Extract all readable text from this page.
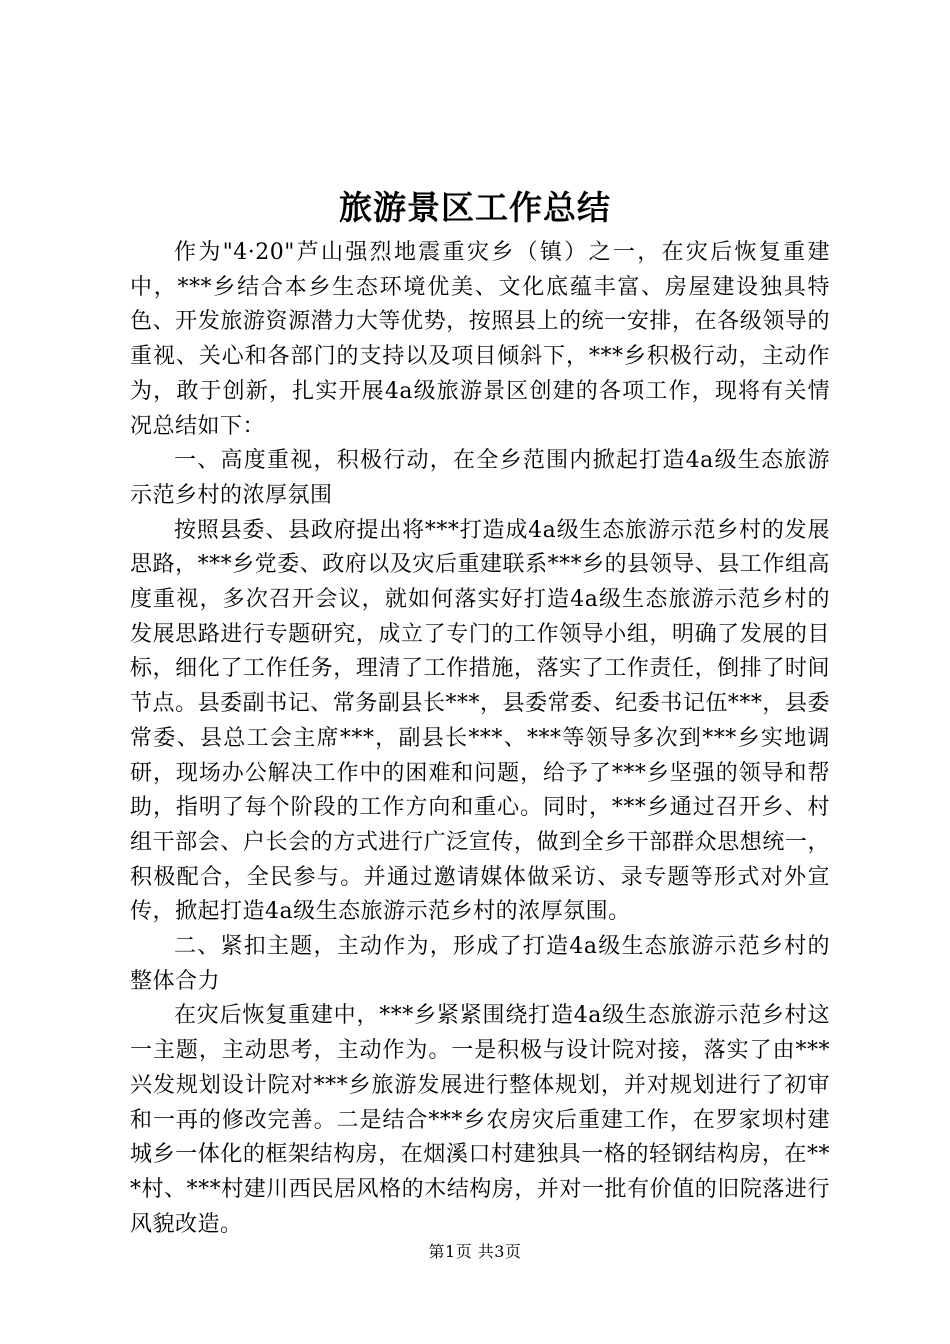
旅游景区工作总结

作为"4·20"芦山强烈地震重灾乡（镇）之一，在灾后恢复重建中，***乡结合本乡生态环境优美、文化底蕴丰富、房屋建设独具特色、开发旅游资源潜力大等优势，按照县上的统一安排，在各级领导的重视、关心和各部门的支持以及项目倾斜下，***乡积极行动，主动作为，敢于创新，扎实开展4a级旅游景区创建的各项工作，现将有关情况总结如下：

一、高度重视，积极行动，在全乡范围内掀起打造4a级生态旅游示范乡村的浓厚氛围

按照县委、县政府提出将***打造成4a级生态旅游示范乡村的发展思路，***乡党委、政府以及灾后重建联系***乡的县领导、县工作组高度重视，多次召开会议，就如何落实好打造4a级生态旅游示范乡村的发展思路进行专题研究，成立了专门的工作领导小组，明确了发展的目标，细化了工作任务，理清了工作措施，落实了工作责任，倒排了时间节点。县委副书记、常务副县长***，县委常委、纪委书记伍***，县委常委、县总工会主席***，副县长***、***等领导多次到***乡实地调研，现场办公解决工作中的困难和问题，给予了***乡坚强的领导和帮助，指明了每个阶段的工作方向和重心。同时，***乡通过召开乡、村组干部会、户长会的方式进行广泛宣传，做到全乡干部群众思想统一，积极配合，全民参与。并通过邀请媒体做采访、录专题等形式对外宣传，掀起打造4a级生态旅游示范乡村的浓厚氛围。

二、紧扣主题，主动作为，形成了打造4a级生态旅游示范乡村的整体合力

在灾后恢复重建中，***乡紧紧围绕打造4a级生态旅游示范乡村这一主题，主动思考，主动作为。一是积极与设计院对接，落实了由***兴发规划设计院对***乡旅游发展进行整体规划，并对规划进行了初审和一再的修改完善。二是结合***乡农房灾后重建工作，在罗家坝村建城乡一体化的框架结构房，在烟溪口村建独具一格的轻钢结构房，在***村、***村建川西民居风格的木结构房，并对一批有价值的旧院落进行风貌改造。

第1页 共3页
